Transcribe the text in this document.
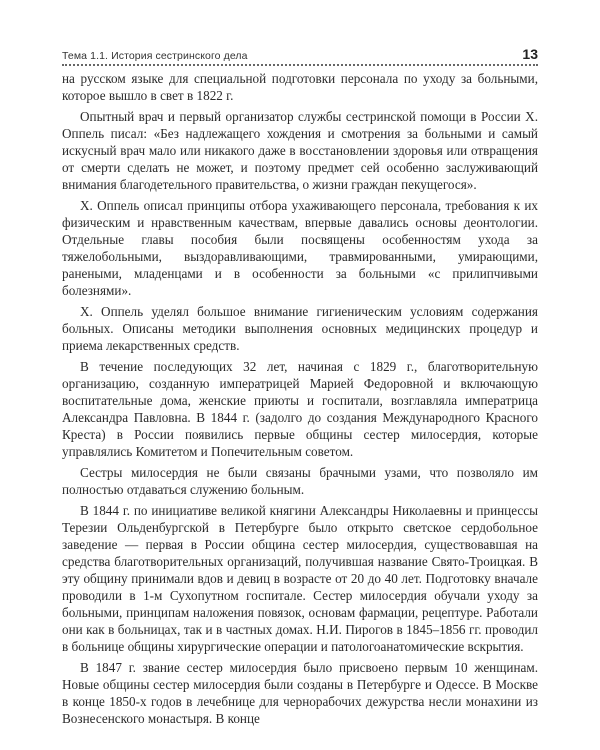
Тема 1.1. История сестринского дела	13

на русском языке для специальной подготовки персонала по уходу за больными, которое вышло в свет в 1822 г.

Опытный врач и первый организатор службы сестринской помощи в России Х. Оппель писал: «Без надлежащего хождения и смотрения за больными и самый искусный врач мало или никакого даже в восстановлении здоровья или отвращения от смерти сделать не может, и поэтому предмет сей особенно заслуживающий внимания благодетельного правительства, о жизни граждан пекущегося».

Х. Оппель описал принципы отбора ухаживающего персонала, требования к их физическим и нравственным качествам, впервые давались основы деонтологии. Отдельные главы пособия были посвящены особенностям ухода за тяжелобольными, выздоравливающими, травмированными, умирающими, ранеными, младенцами и в особенности за больными «с прилипчивыми болезнями».

Х. Оппель уделял большое внимание гигиеническим условиям содержания больных. Описаны методики выполнения основных медицинских процедур и приема лекарственных средств.

В течение последующих 32 лет, начиная с 1829 г., благотворительную организацию, созданную императрицей Марией Федоровной и включающую воспитательные дома, женские приюты и госпитали, возглавляла императрица Александра Павловна. В 1844 г. (задолго до создания Международного Красного Креста) в России появились первые общины сестер милосердия, которые управлялись Комитетом и Попечительным советом.

Сестры милосердия не были связаны брачными узами, что позволяло им полностью отдаваться служению больным.

В 1844 г. по инициативе великой княгини Александры Николаевны и принцессы Терезии Ольденбургской в Петербурге было открыто светское сердобольное заведение — первая в России община сестер милосердия, существовавшая на средства благотворительных организаций, получившая название Свято-Троицкая. В эту общину принимали вдов и девиц в возрасте от 20 до 40 лет. Подготовку вначале проводили в 1-м Сухопутном госпитале. Сестер милосердия обучали уходу за больными, принципам наложения повязок, основам фармации, рецептуре. Работали они как в больницах, так и в частных домах. Н.И. Пирогов в 1845–1856 гг. проводил в больнице общины хирургические операции и патологоанатомические вскрытия.

В 1847 г. звание сестер милосердия было присвоено первым 10 женщинам. Новые общины сестер милосердия были созданы в Петербурге и Одессе. В Москве в конце 1850-х годов в лечебнице для чернорабочих дежурства несли монахини из Вознесенского монастыря. В конце
